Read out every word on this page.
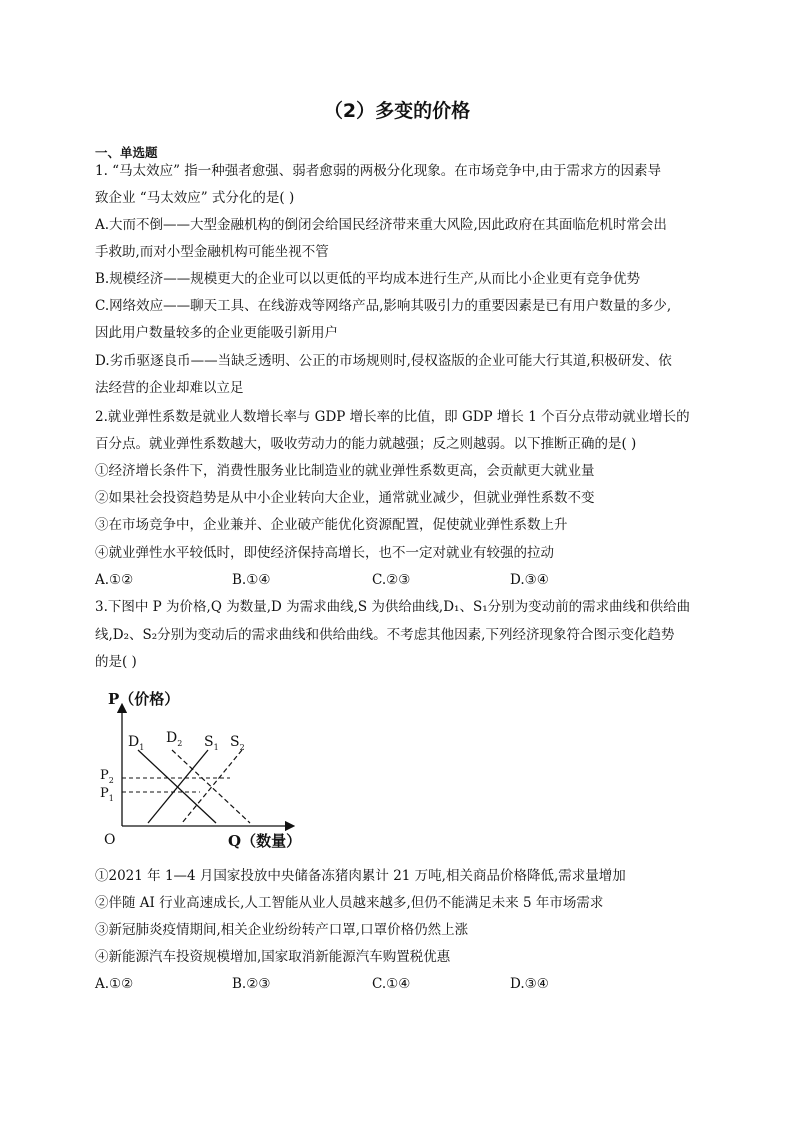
（2）多变的价格
一、单选题
1. “马太效应” 指一种强者愈强、弱者愈弱的两极分化现象。在市场竞争中,由于需求方的因素导
致企业 “马太效应” 式分化的是( )
A.大而不倒——大型金融机构的倒闭会给国民经济带来重大风险,因此政府在其面临危机时常会出
手救助,而对小型金融机构可能坐视不管
B.规模经济——规模更大的企业可以以更低的平均成本进行生产,从而比小企业更有竞争优势
C.网络效应——聊天工具、在线游戏等网络产品,影响其吸引力的重要因素是已有用户数量的多少,
因此用户数量较多的企业更能吸引新用户
D.劣币驱逐良币——当缺乏透明、公正的市场规则时,侵权盗版的企业可能大行其道,积极研发、依
法经营的企业却难以立足
2.就业弹性系数是就业人数增长率与 GDP 增长率的比值，即 GDP 增长 1 个百分点带动就业增长的
百分点。就业弹性系数越大，吸收劳动力的能力就越强；反之则越弱。以下推断正确的是( )
①经济增长条件下，消费性服务业比制造业的就业弹性系数更高，会贡献更大就业量
②如果社会投资趋势是从中小企业转向大企业，通常就业减少，但就业弹性系数不变
③在市场竞争中，企业兼并、企业破产能优化资源配置，促使就业弹性系数上升
④就业弹性水平较低时，即使经济保持高增长，也不一定对就业有较强的拉动
A.①②	B.①④	C.②③	D.③④
3.下图中 P 为价格,Q 为数量,D 为需求曲线,S 为供给曲线,D₁、S₁分别为变动前的需求曲线和供给曲
线,D₂、S₂分别为变动后的需求曲线和供给曲线。不考虑其他因素,下列经济现象符合图示变化趋势
的是( )
P（价格）
Q（数量）
O
$P_2$
$P_1$
$D_1$
$D_2$ $S_1$ $S_2$
①2021 年 1—4 月国家投放中央储备冻猪肉累计 21 万吨,相关商品价格降低,需求量增加
②伴随 AI 行业高速成长,人工智能从业人员越来越多,但仍不能满足未来 5 年市场需求
③新冠肺炎疫情期间,相关企业纷纷转产口罩,口罩价格仍然上涨
④新能源汽车投资规模增加,国家取消新能源汽车购置税优惠
A.①②	B.②③	C.①④	D.③④
